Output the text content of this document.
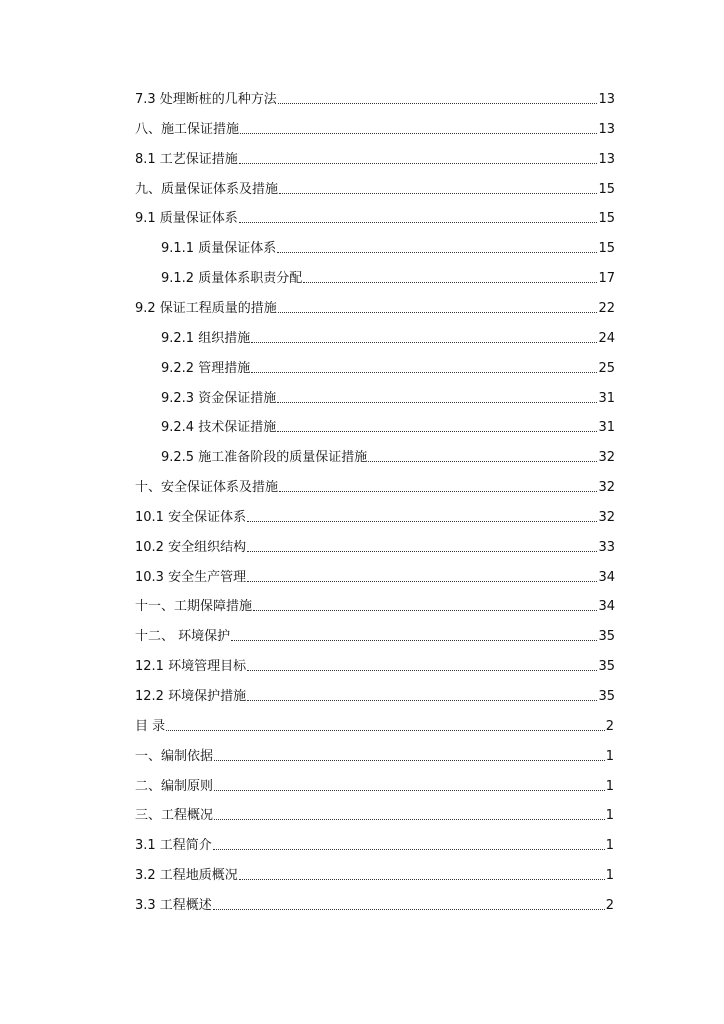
7.3 处理断桩的几种方法	13
八、施工保证措施	13
8.1 工艺保证措施	13
九、质量保证体系及措施	15
9.1 质量保证体系	15
9.1.1 质量保证体系	15
9.1.2 质量体系职责分配	17
9.2 保证工程质量的措施	22
9.2.1 组织措施	24
9.2.2 管理措施	25
9.2.3 资金保证措施	31
9.2.4 技术保证措施	31
9.2.5 施工准备阶段的质量保证措施	32
十、安全保证体系及措施	32
10.1 安全保证体系	32
10.2 安全组织结构	33
10.3 安全生产管理	34
十一、工期保障措施	34
十二、 环境保护	35
12.1 环境管理目标	35
12.2 环境保护措施	35
目 录	2
一、编制依据	1
二、编制原则	1
三、工程概况	1
3.1 工程简介	1
3.2 工程地质概况	1
3.3 工程概述	2
